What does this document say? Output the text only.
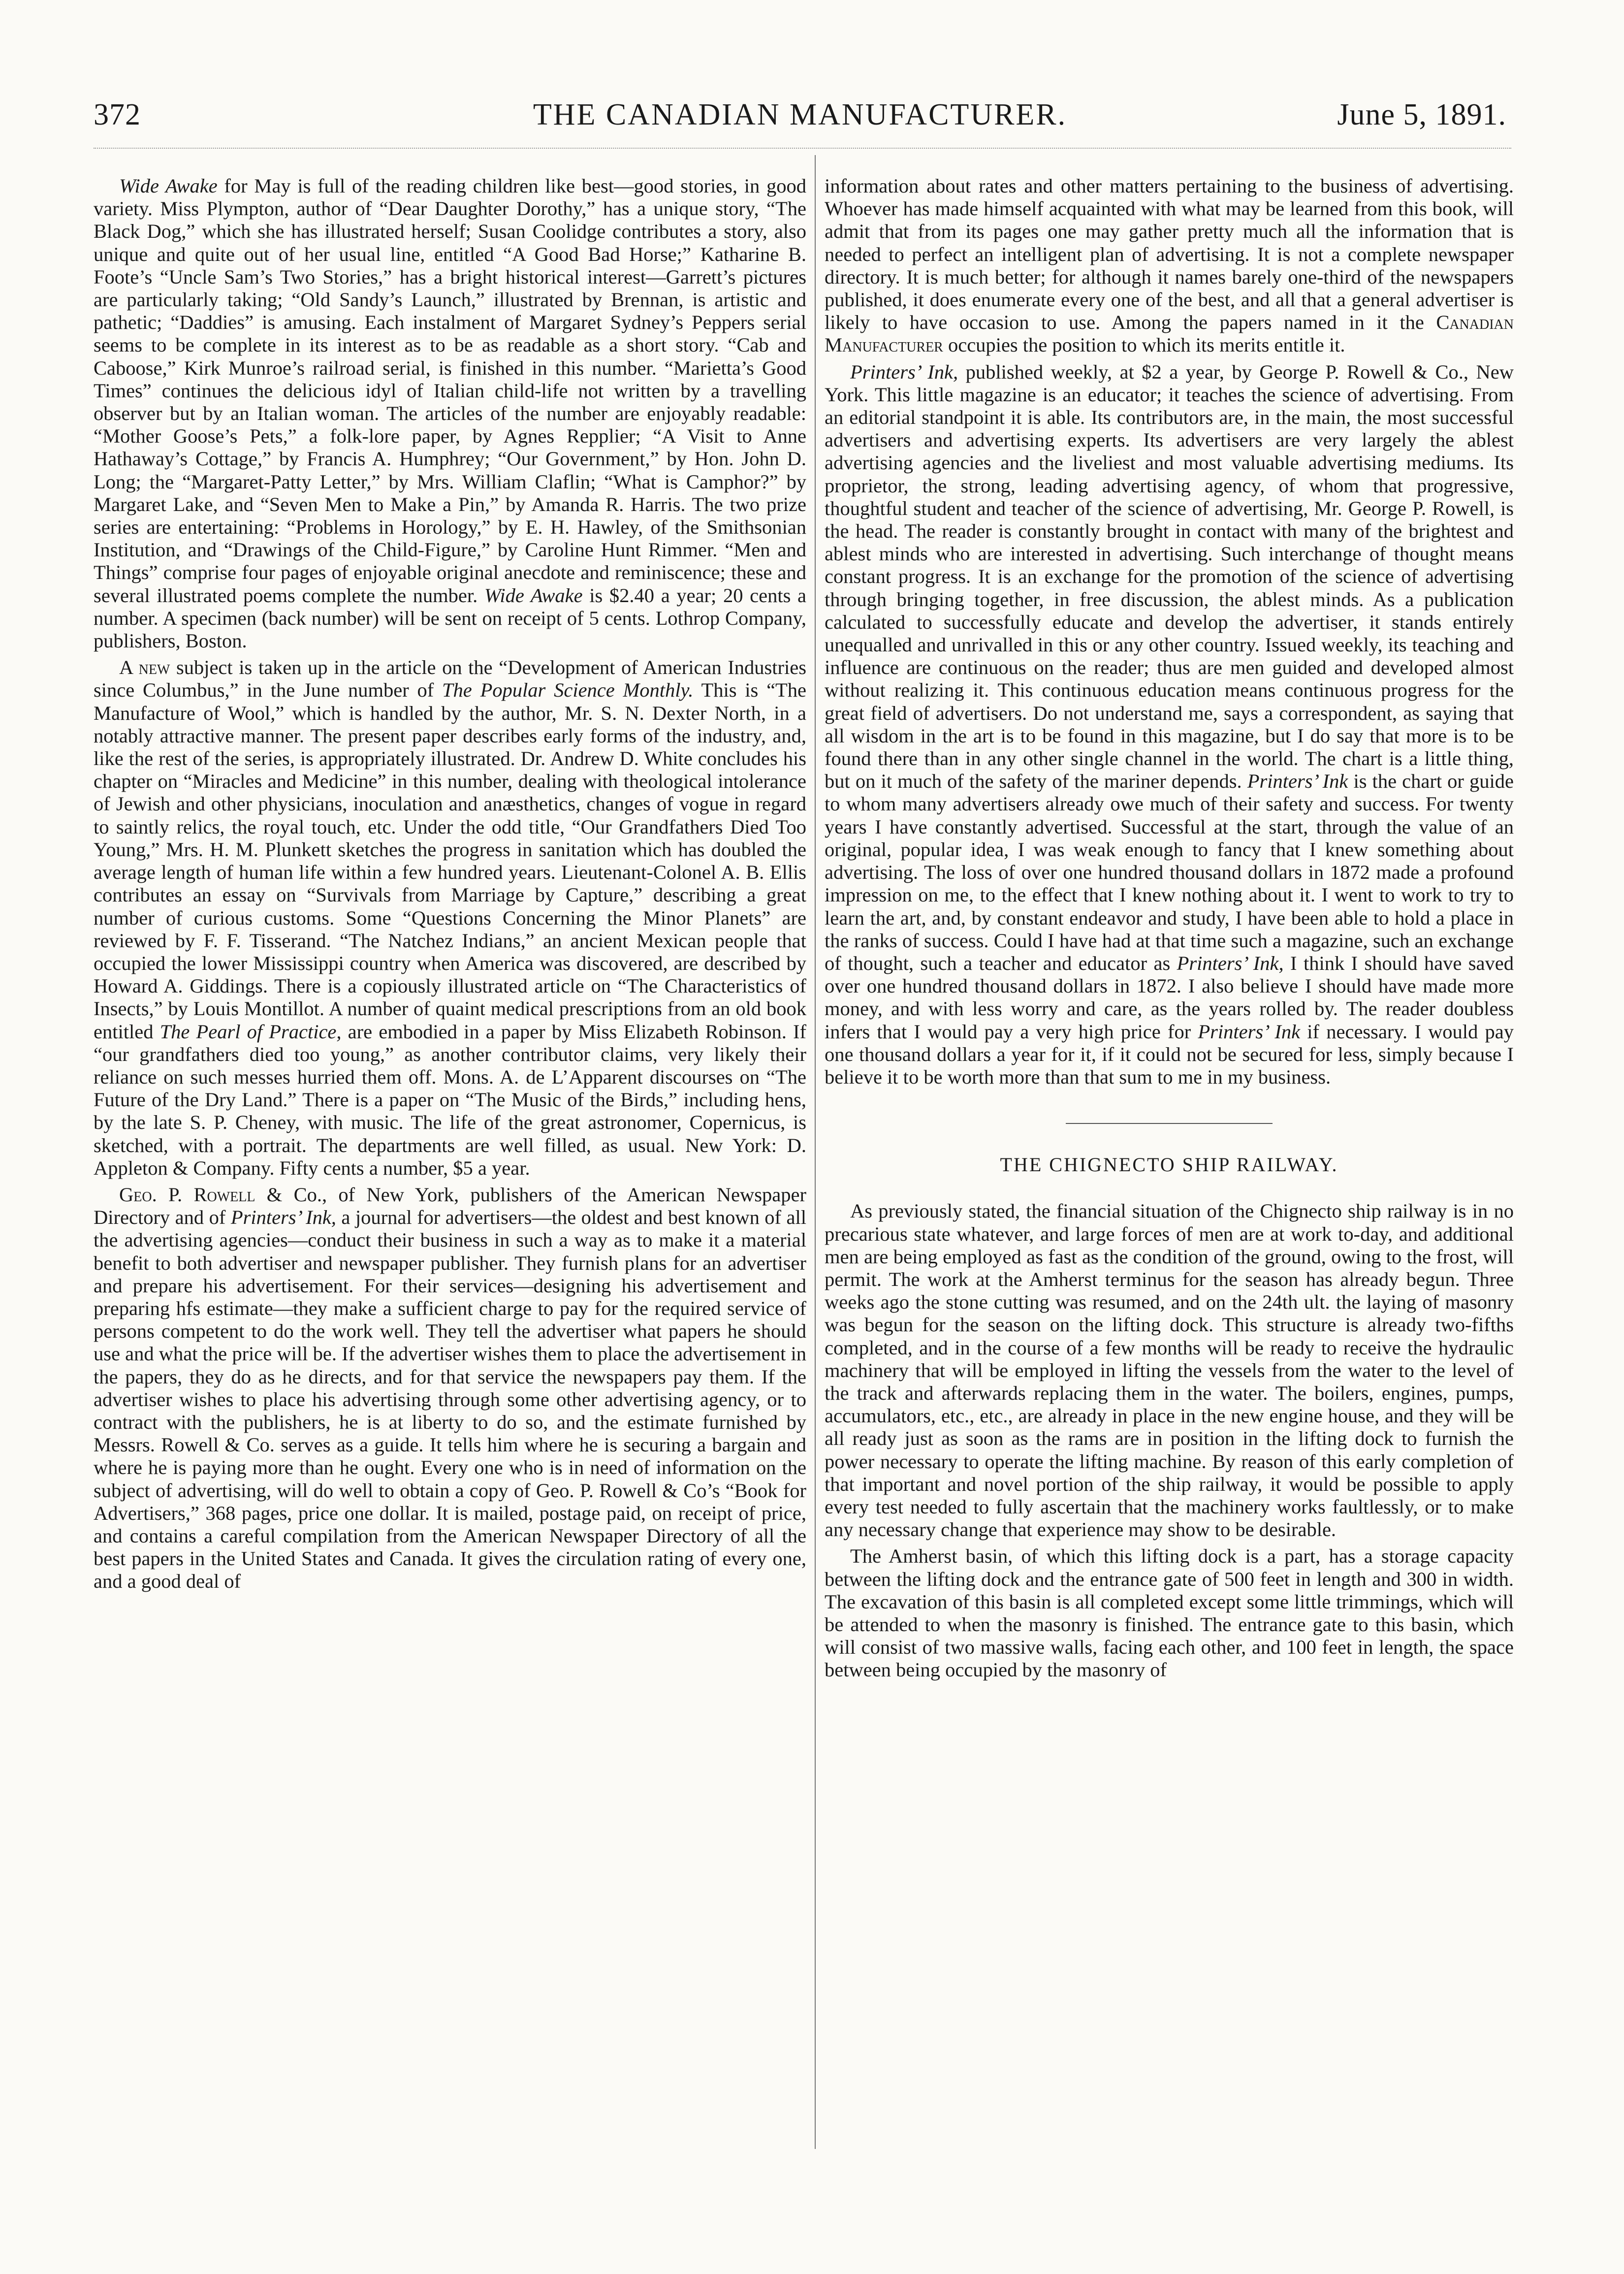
372	THE CANADIAN MANUFACTURER.	June 5, 1891.

Wide Awake for May is full of the reading children like best—good stories, in good variety. Miss Plympton, author of “Dear Daughter Dorothy,” has a unique story, “The Black Dog,” which she has illustrated herself; Susan Coolidge contributes a story, also unique and quite out of her usual line, entitled “A Good Bad Horse;” Katharine B. Foote’s “Uncle Sam’s Two Stories,” has a bright historical interest—Garrett’s pictures are particularly taking; “Old Sandy’s Launch,” illustrated by Brennan, is artistic and pathetic; “Daddies” is amusing. Each instalment of Margaret Sydney’s Peppers serial seems to be complete in its interest as to be as readable as a short story. “Cab and Caboose,” Kirk Munroe’s railroad serial, is finished in this number. “Marietta’s Good Times” continues the delicious idyl of Italian child-life not written by a travelling observer but by an Italian woman. The articles of the number are enjoyably readable: “Mother Goose’s Pets,” a folk-lore paper, by Agnes Repplier; “A Visit to Anne Hathaway’s Cottage,” by Francis A. Humphrey; “Our Government,” by Hon. John D. Long; the “Margaret-Patty Letter,” by Mrs. William Claflin; “What is Camphor?” by Margaret Lake, and “Seven Men to Make a Pin,” by Amanda R. Harris. The two prize series are entertaining: “Problems in Horology,” by E. H. Hawley, of the Smithsonian Institution, and “Drawings of the Child-Figure,” by Caroline Hunt Rimmer. “Men and Things” comprise four pages of enjoyable original anecdote and reminiscence; these and several illustrated poems complete the number. Wide Awake is $2.40 a year; 20 cents a number. A specimen (back number) will be sent on receipt of 5 cents. Lothrop Company, publishers, Boston.

A new subject is taken up in the article on the “Development of American Industries since Columbus,” in the June number of The Popular Science Monthly. This is “The Manufacture of Wool,” which is handled by the author, Mr. S. N. Dexter North, in a notably attractive manner. The present paper describes early forms of the industry, and, like the rest of the series, is appropriately illustrated. Dr. Andrew D. White concludes his chapter on “Miracles and Medicine” in this number, dealing with theological intolerance of Jewish and other physicians, inoculation and anæsthetics, changes of vogue in regard to saintly relics, the royal touch, etc. Under the odd title, “Our Grandfathers Died Too Young,” Mrs. H. M. Plunkett sketches the progress in sanitation which has doubled the average length of human life within a few hundred years. Lieutenant-Colonel A. B. Ellis contributes an essay on “Survivals from Marriage by Capture,” describing a great number of curious customs. Some “Questions Concerning the Minor Planets” are reviewed by F. F. Tisserand. “The Natchez Indians,” an ancient Mexican people that occupied the lower Mississippi country when America was discovered, are described by Howard A. Giddings. There is a copiously illustrated article on “The Characteristics of Insects,” by Louis Montillot. A number of quaint medical prescriptions from an old book entitled The Pearl of Practice, are embodied in a paper by Miss Elizabeth Robinson. If “our grandfathers died too young,” as another contributor claims, very likely their reliance on such messes hurried them off. Mons. A. de L’Apparent discourses on “The Future of the Dry Land.” There is a paper on “The Music of the Birds,” including hens, by the late S. P. Cheney, with music. The life of the great astronomer, Copernicus, is sketched, with a portrait. The departments are well filled, as usual. New York: D. Appleton & Company. Fifty cents a number, $5 a year.

Geo. P. Rowell & Co., of New York, publishers of the American Newspaper Directory and of Printers’ Ink, a journal for advertisers—the oldest and best known of all the advertising agencies—conduct their business in such a way as to make it a material benefit to both advertiser and newspaper publisher. They furnish plans for an advertiser and prepare his advertisement. For their services—designing his advertisement and preparing hfs estimate—they make a sufficient charge to pay for the required service of persons competent to do the work well. They tell the advertiser what papers he should use and what the price will be. If the advertiser wishes them to place the advertisement in the papers, they do as he directs, and for that service the newspapers pay them. If the advertiser wishes to place his advertising through some other advertising agency, or to contract with the publishers, he is at liberty to do so, and the estimate furnished by Messrs. Rowell & Co. serves as a guide. It tells him where he is securing a bargain and where he is paying more than he ought. Every one who is in need of information on the subject of advertising, will do well to obtain a copy of Geo. P. Rowell & Co’s “Book for Advertisers,” 368 pages, price one dollar. It is mailed, postage paid, on receipt of price, and contains a careful compilation from the American Newspaper Directory of all the best papers in the United States and Canada. It gives the circulation rating of every one, and a good deal of

information about rates and other matters pertaining to the business of advertising. Whoever has made himself acquainted with what may be learned from this book, will admit that from its pages one may gather pretty much all the information that is needed to perfect an intelligent plan of advertising. It is not a complete newspaper directory. It is much better; for although it names barely one-third of the newspapers published, it does enumerate every one of the best, and all that a general advertiser is likely to have occasion to use. Among the papers named in it the Canadian Manufacturer occupies the position to which its merits entitle it.

Printers’ Ink, published weekly, at $2 a year, by George P. Rowell & Co., New York. This little magazine is an educator; it teaches the science of advertising. From an editorial standpoint it is able. Its contributors are, in the main, the most successful advertisers and advertising experts. Its advertisers are very largely the ablest advertising agencies and the liveliest and most valuable advertising mediums. Its proprietor, the strong, leading advertising agency, of whom that progressive, thoughtful student and teacher of the science of advertising, Mr. George P. Rowell, is the head. The reader is constantly brought in contact with many of the brightest and ablest minds who are interested in advertising. Such interchange of thought means constant progress. It is an exchange for the promotion of the science of advertising through bringing together, in free discussion, the ablest minds. As a publication calculated to successfully educate and develop the advertiser, it stands entirely unequalled and unrivalled in this or any other country. Issued weekly, its teaching and influence are continuous on the reader; thus are men guided and developed almost without realizing it. This continuous education means continuous progress for the great field of advertisers. Do not understand me, says a correspondent, as saying that all wisdom in the art is to be found in this magazine, but I do say that more is to be found there than in any other single channel in the world. The chart is a little thing, but on it much of the safety of the mariner depends. Printers’ Ink is the chart or guide to whom many advertisers already owe much of their safety and success. For twenty years I have constantly advertised. Successful at the start, through the value of an original, popular idea, I was weak enough to fancy that I knew something about advertising. The loss of over one hundred thousand dollars in 1872 made a profound impression on me, to the effect that I knew nothing about it. I went to work to try to learn the art, and, by constant endeavor and study, I have been able to hold a place in the ranks of success. Could I have had at that time such a magazine, such an exchange of thought, such a teacher and educator as Printers’ Ink, I think I should have saved over one hundred thousand dollars in 1872. I also believe I should have made more money, and with less worry and care, as the years rolled by. The reader doubless infers that I would pay a very high price for Printers’ Ink if necessary. I would pay one thousand dollars a year for it, if it could not be secured for less, simply because I believe it to be worth more than that sum to me in my business.

THE CHIGNECTO SHIP RAILWAY.

As previously stated, the financial situation of the Chignecto ship railway is in no precarious state whatever, and large forces of men are at work to-day, and additional men are being employed as fast as the condition of the ground, owing to the frost, will permit. The work at the Amherst terminus for the season has already begun. Three weeks ago the stone cutting was resumed, and on the 24th ult. the laying of masonry was begun for the season on the lifting dock. This structure is already two-fifths completed, and in the course of a few months will be ready to receive the hydraulic machinery that will be employed in lifting the vessels from the water to the level of the track and afterwards replacing them in the water. The boilers, engines, pumps, accumulators, etc., etc., are already in place in the new engine house, and they will be all ready just as soon as the rams are in position in the lifting dock to furnish the power necessary to operate the lifting machine. By reason of this early completion of that important and novel portion of the ship railway, it would be possible to apply every test needed to fully ascertain that the machinery works faultlessly, or to make any necessary change that experience may show to be desirable.

The Amherst basin, of which this lifting dock is a part, has a storage capacity between the lifting dock and the entrance gate of 500 feet in length and 300 in width. The excavation of this basin is all completed except some little trimmings, which will be attended to when the masonry is finished. The entrance gate to this basin, which will consist of two massive walls, facing each other, and 100 feet in length, the space between being occupied by the masonry of
